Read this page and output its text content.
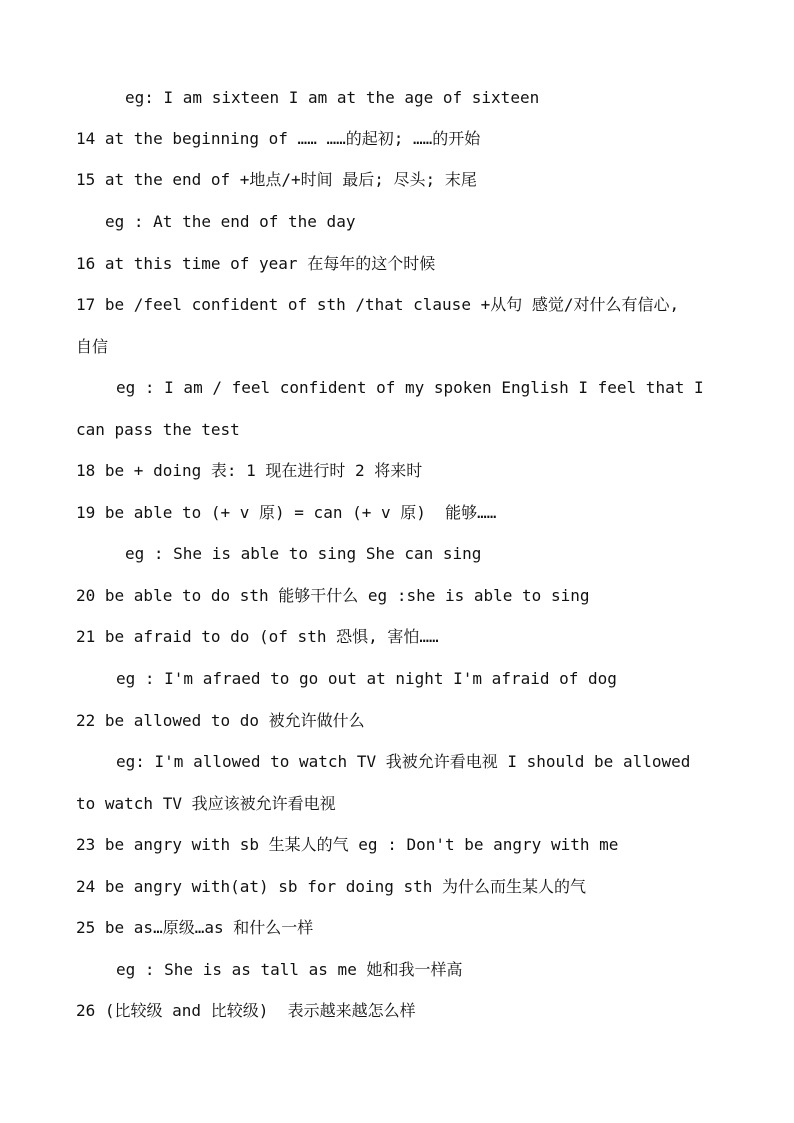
eg: I am sixteen I am at the age of sixteen
14 at the beginning of …… ……的起初; ……的开始
15 at the end of +地点/+时间 最后; 尽头; 末尾
eg : At the end of the day
16 at this time of year 在每年的这个时候
17 be /feel confident of sth /that clause +从句 感觉/对什么有信心,
自信
eg : I am / feel confident of my spoken English I feel that I
can pass the test
18 be + doing 表: 1 现在进行时 2 将来时
19 be able to (+ v 原) = can (+ v 原)  能够……
eg : She is able to sing She can sing
20 be able to do sth 能够干什么 eg :she is able to sing
21 be afraid to do (of sth 恐惧, 害怕……
eg : I'm afraed to go out at night I'm afraid of dog
22 be allowed to do 被允许做什么
eg: I'm allowed to watch TV 我被允许看电视 I should be allowed
to watch TV 我应该被允许看电视
23 be angry with sb 生某人的气 eg : Don't be angry with me
24 be angry with(at) sb for doing sth 为什么而生某人的气
25 be as…原级…as 和什么一样
eg : She is as tall as me 她和我一样高
26 (比较级 and 比较级)  表示越来越怎么样
